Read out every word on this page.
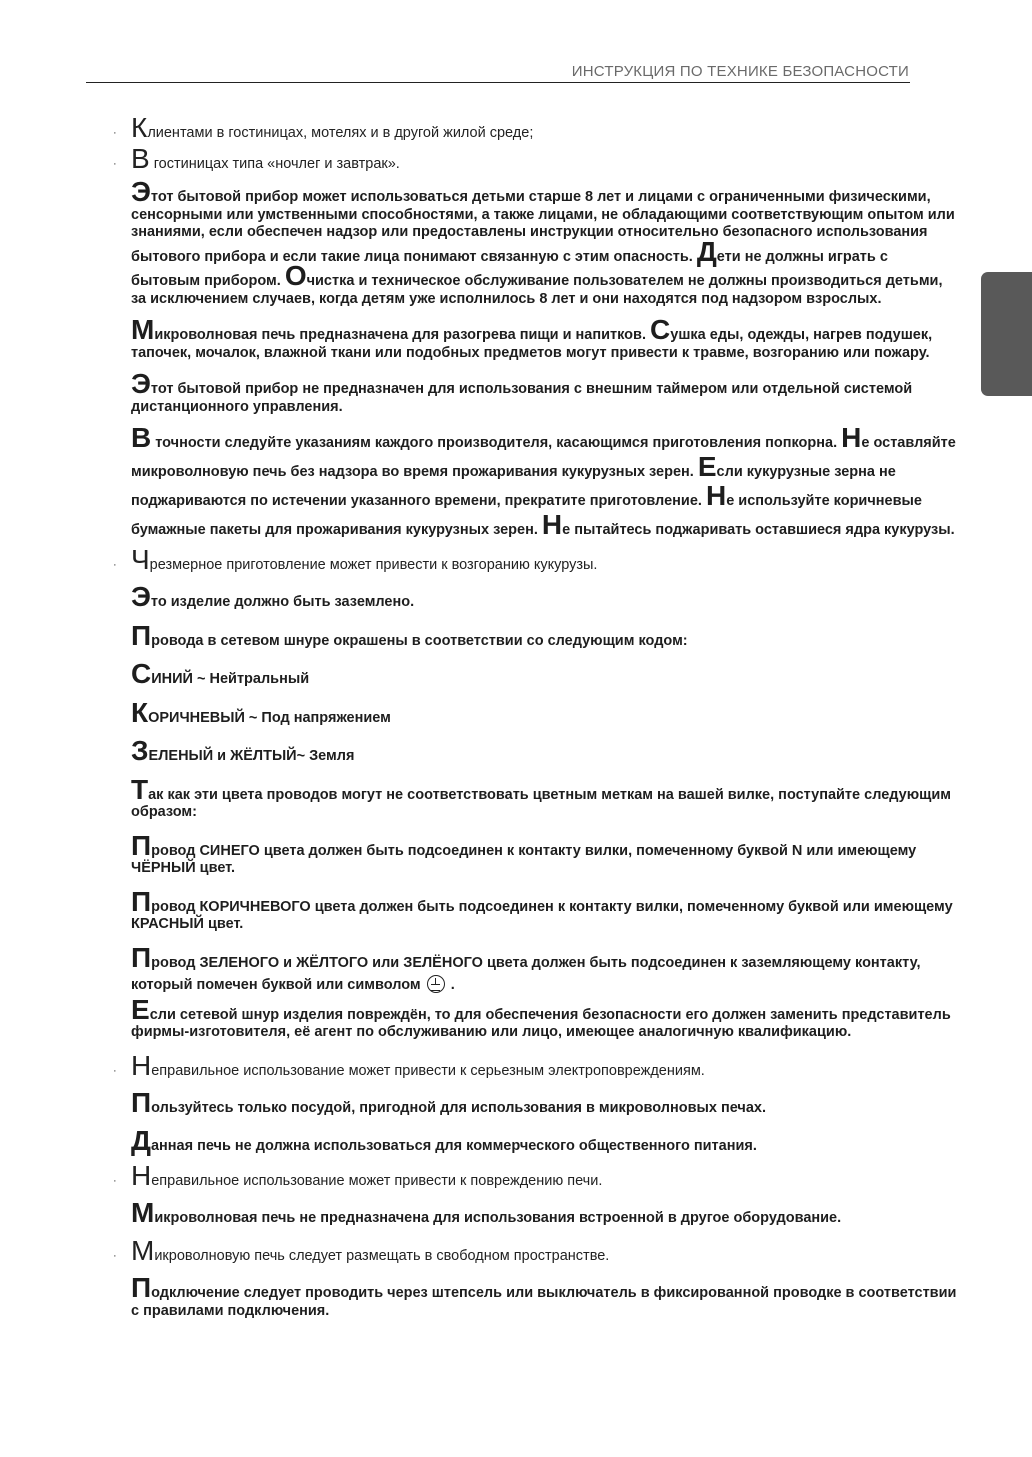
ИНСТРУКЦИЯ ПО ТЕХНИКЕ БЕЗОПАСНОСТИ

· Клиентами в гостиницах, мотелях и в другой жилой среде;

· В гостиницах типа «ночлег и завтрак».

Этот бытовой прибор может использоваться детьми старше 8 лет и лицами с ограниченными физическими, сенсорными или умственными способностями, а также лицами, не обладающими соответствующим опытом или знаниями, если обеспечен надзор или предоставлены инструкции относительно безопасного использования бытового прибора и если такие лица понимают связанную с этим опасность. Дети не должны играть с бытовым прибором. Очистка и техническое обслуживание пользователем не должны производиться детьми, за исключением случаев, когда детям уже исполнилось 8 лет и они находятся под надзором взрослых.

Микроволновая печь предназначена для разогрева пищи и напитков. Сушка еды, одежды, нагрев подушек, тапочек, мочалок, влажной ткани или подобных предметов могут привести к травме, возгоранию или пожару.

Этот бытовой прибор не предназначен для использования с внешним таймером или отдельной системой дистанционного управления.

В точности следуйте указаниям каждого производителя, касающимся приготовления попкорна. Не оставляйте микроволновую печь без надзора во время прожаривания кукурузных зерен. Если кукурузные зерна не поджариваются по истечении указанного времени, прекратите приготовление. Не используйте коричневые бумажные пакеты для прожаривания кукурузных зерен. Не пытайтесь поджаривать оставшиеся ядра кукурузы.

· Чрезмерное приготовление может привести к возгоранию кукурузы.

Это изделие должно быть заземлено.

Провода в сетевом шнуре окрашены в соответствии со следующим кодом:

СИНИЙ ~ Нейтральный

КОРИЧНЕВЫЙ ~ Под напряжением

ЗЕЛЕНЫЙ и ЖЁЛТЫЙ~ Земля

Так как эти цвета проводов могут не соответствовать цветным меткам на вашей вилке, поступайте следующим образом:

Провод СИНЕГО цвета должен быть подсоединен к контакту вилки, помеченному буквой N или имеющему ЧЁРНЫЙ цвет.

Провод КОРИЧНЕВОГО цвета должен быть подсоединен к контакту вилки, помеченному буквой или имеющему КРАСНЫЙ цвет.

Провод ЗЕЛЕНОГО и ЖЁЛТОГО или ЗЕЛЁНОГО цвета должен быть подсоединен к заземляющему контакту, который помечен буквой или символом  .

Если сетевой шнур изделия повреждён, то для обеспечения безопасности его должен заменить представитель фирмы-изготовителя, её агент по обслуживанию или лицо, имеющее аналогичную квалификацию.

· Неправильное использование может привести к серьезным электроповреждениям.

Пользуйтесь только посудой, пригодной для использования в микроволновых печах.

Данная печь не должна использоваться для коммерческого общественного питания.

· Неправильное использование может привести к повреждению печи.

Микроволновая печь не предназначена для использования встроенной в другое оборудование.

· Микроволновую печь следует размещать в свободном пространстве.

Подключение следует проводить через штепсель или выключатель в фиксированной проводке в соответствии с правилами подключения.
